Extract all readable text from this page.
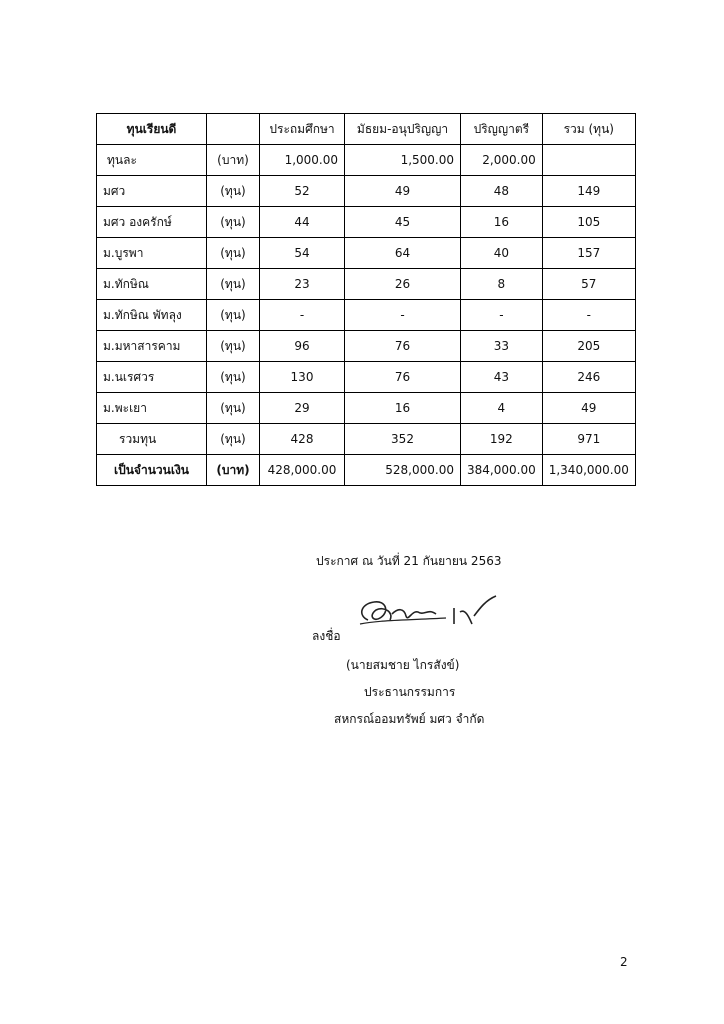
ทุนเรียนดี		ประถมศึกษา	มัธยม-อนุปริญญา	ปริญญาตรี	รวม (ทุน)
ทุนละ	(บาท)	1,000.00	1,500.00	2,000.00	
มศว	(ทุน)	52	49	48	149
มศว องครักษ์	(ทุน)	44	45	16	105
ม.บูรพา	(ทุน)	54	64	40	157
ม.ทักษิณ	(ทุน)	23	26	8	57
ม.ทักษิณ พัทลุง	(ทุน)	-	-	-	-
ม.มหาสารคาม	(ทุน)	96	76	33	205
ม.นเรศวร	(ทุน)	130	76	43	246
ม.พะเยา	(ทุน)	29	16	4	49
รวมทุน	(ทุน)	428	352	192	971
เป็นจำนวนเงิน	(บาท)	428,000.00	528,000.00	384,000.00	1,340,000.00
ประกาศ ณ วันที่ 21 กันยายน 2563
ลงชื่อ
(นายสมชาย ไกรสังข์)
ประธานกรรมการ
สหกรณ์ออมทรัพย์ มศว จำกัด
2
